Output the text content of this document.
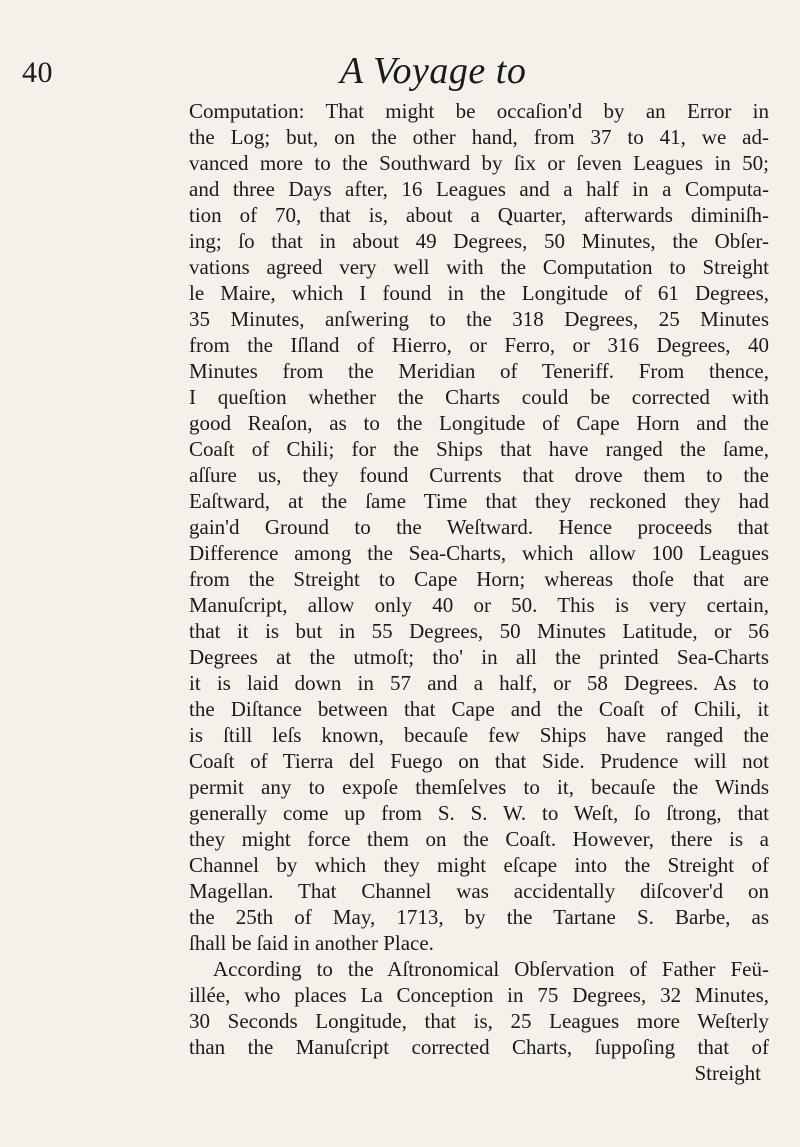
40	A Voyage to
Computation: That might be occaſion'd by an Error in
the Log; but, on the other hand, from 37 to 41, we ad-
vanced more to the Southward by ſix or ſeven Leagues in 50;
and three Days after, 16 Leagues and a half in a Computa-
tion of 70, that is, about a Quarter, afterwards diminiſh-
ing; ſo that in about 49 Degrees, 50 Minutes, the Obſer-
vations agreed very well with the Computation to Streight
le Maire, which I found in the Longitude of 61 Degrees,
35 Minutes, anſwering to the 318 Degrees, 25 Minutes
from the Iſland of Hierro, or Ferro, or 316 Degrees, 40
Minutes from the Meridian of Teneriff. From thence,
I queſtion whether the Charts could be corrected with
good Reaſon, as to the Longitude of Cape Horn and the
Coaſt of Chili; for the Ships that have ranged the ſame,
aſſure us, they found Currents that drove them to the
Eaſtward, at the ſame Time that they reckoned they had
gain'd Ground to the Weſtward. Hence proceeds that
Difference among the Sea-Charts, which allow 100 Leagues
from the Streight to Cape Horn; whereas thoſe that are
Manuſcript, allow only 40 or 50. This is very certain,
that it is but in 55 Degrees, 50 Minutes Latitude, or 56
Degrees at the utmoſt; tho' in all the printed Sea-Charts
it is laid down in 57 and a half, or 58 Degrees. As to
the Diſtance between that Cape and the Coaſt of Chili, it
is ſtill leſs known, becauſe few Ships have ranged the
Coaſt of Tierra del Fuego on that Side. Prudence will not
permit any to expoſe themſelves to it, becauſe the Winds
generally come up from S. S. W. to Weſt, ſo ſtrong, that
they might force them on the Coaſt. However, there is a
Channel by which they might eſcape into the Streight of
Magellan. That Channel was accidentally diſcover'd on
the 25th of May, 1713, by the Tartane S. Barbe, as
ſhall be ſaid in another Place.
According to the Aſtronomical Obſervation of Father Feü-
illée, who places La Conception in 75 Degrees, 32 Minutes,
30 Seconds Longitude, that is, 25 Leagues more Weſterly
than the Manuſcript corrected Charts, ſuppoſing that of
Streight
